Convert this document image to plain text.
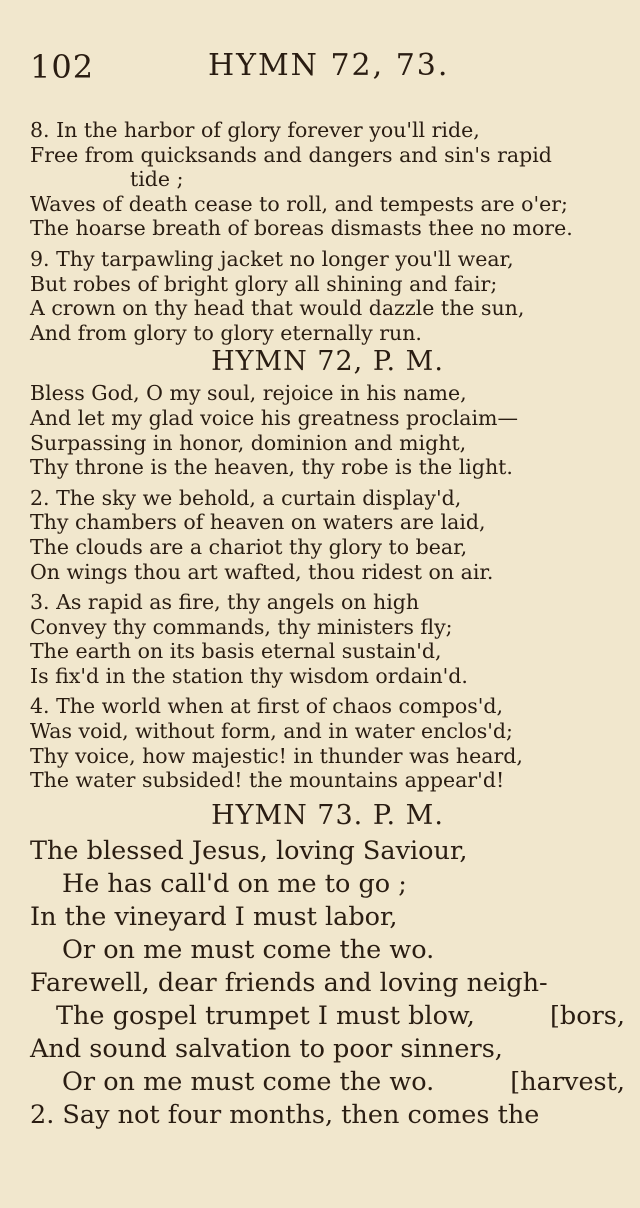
102	HYMN 72, 73.
8. In the harbor of glory forever you'll ride,
Free from quicksands and dangers and sin's rapid
tide ;
Waves of death cease to roll, and tempests are o'er;
The hoarse breath of boreas dismasts thee no more.
9. Thy tarpawling jacket no longer you'll wear,
But robes of bright glory all shining and fair;
A crown on thy head that would dazzle the sun,
And from glory to glory eternally run.
HYMN 72, P. M.
Bless God, O my soul, rejoice in his name,
And let my glad voice his greatness proclaim—
Surpassing in honor, dominion and might,
Thy throne is the heaven, thy robe is the light.
2. The sky we behold, a curtain display'd,
Thy chambers of heaven on waters are laid,
The clouds are a chariot thy glory to bear,
On wings thou art wafted, thou ridest on air.
3. As rapid as fire, thy angels on high
Convey thy commands, thy ministers fly;
The earth on its basis eternal sustain'd,
Is fix'd in the station thy wisdom ordain'd.
4. The world when at first of chaos compos'd,
Was void, without form, and in water enclos'd;
Thy voice, how majestic! in thunder was heard,
The water subsided! the mountains appear'd!
HYMN 73. P. M.
The blessed Jesus, loving Saviour,
He has call'd on me to go ;
In the vineyard I must labor,
Or on me must come the wo.
Farewell, dear friends and loving neigh-
The gospel trumpet I must blow,	[bors,
And sound salvation to poor sinners,
Or on me must come the wo.	[harvest,
2. Say not four months, then comes the
